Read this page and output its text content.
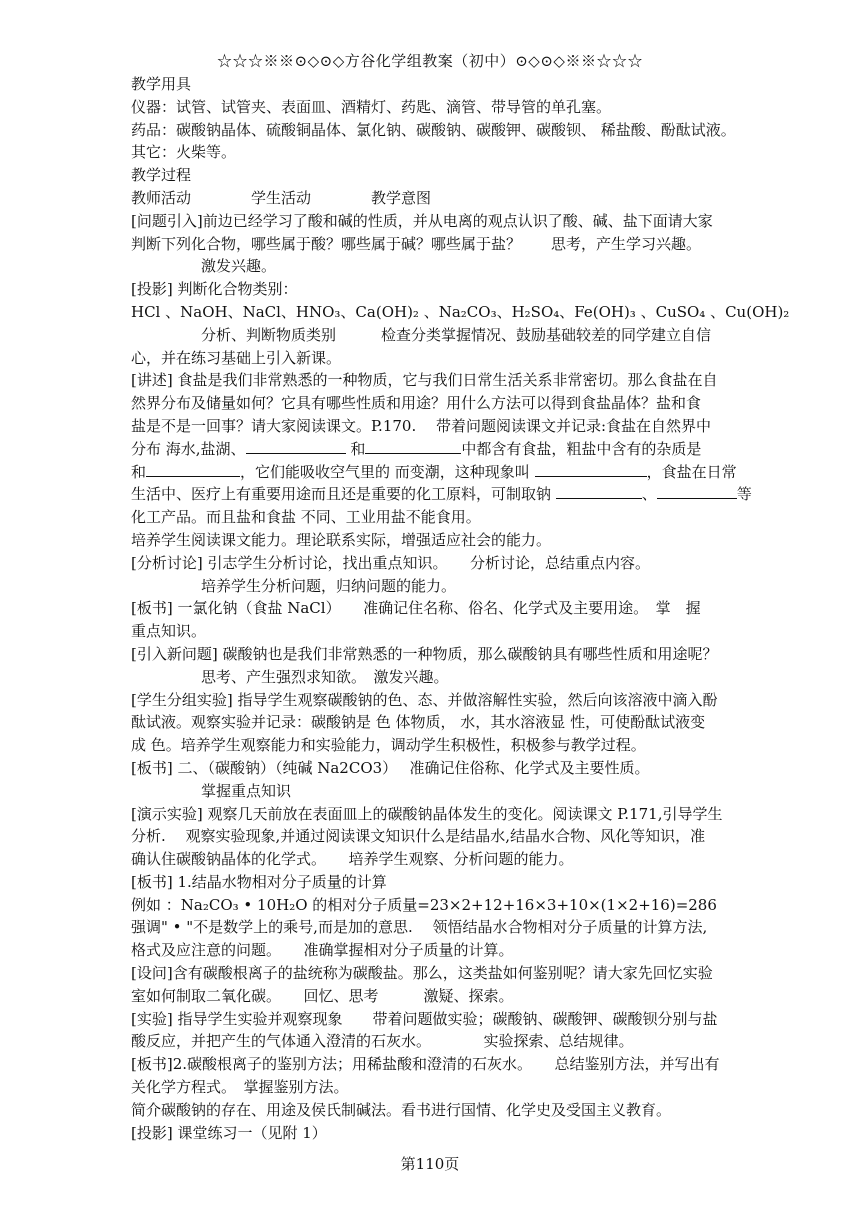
☆☆☆※※⊙◇⊙◇方谷化学组教案（初中）⊙◇⊙◇※※☆☆☆
教学用具
仪器：试管、试管夹、表面皿、酒精灯、药匙、滴管、带导管的单孔塞。
药品：碳酸钠晶体、硫酸铜晶体、氯化钠、碳酸钠、碳酸钾、碳酸钡、 稀盐酸、酚酞试液。
其它：火柴等。
教学过程
教师活动　　　　学生活动　　　　教学意图
[问题引入]前边已经学习了酸和碱的性质，并从电离的观点认识了酸、碱、盐下面请大家
判断下列化合物，哪些属于酸？哪些属于碱？哪些属于盐？　　思考，产生学习兴趣。
激发兴趣。
[投影] 判断化合物类别：
HCl 、NaOH、NaCl、HNO₃、Ca(OH)₂ 、Na₂CO₃、H₂SO₄、Fe(OH)₃ 、CuSO₄ 、Cu(OH)₂
分析、判断物质类别　　　检查分类掌握情况、鼓励基础较差的同学建立自信
心，并在练习基础上引入新课。
[讲述] 食盐是我们非常熟悉的一种物质，它与我们日常生活关系非常密切。那么食盐在自
然界分布及储量如何？它具有哪些性质和用途？用什么方法可以得到食盐晶体？盐和食
盐是不是一回事？请大家阅读课文。P.170.　 带着问题阅读课文并记录:食盐在自然界中
分布 海水,盐湖、	和	中都含有食盐，粗盐中含有的杂质是
和	，它们能吸收空气里的 而变潮，这种现象叫	，食盐在日常
生活中、医疗上有重要用途而且还是重要的化工原料，可制取钠	、	等
化工产品。而且盐和食盐 不同、工业用盐不能食用。
培养学生阅读课文能力。理论联系实际，增强适应社会的能力。
[分析讨论] 引志学生分析讨论，找出重点知识。　　分析讨论，总结重点内容。
培养学生分析问题，归纳问题的能力。
[板书] 一氯化钠（食盐 NaCl）　　准确记住名称、俗名、化学式及主要用途。　掌　握
重点知识。
[引入新问题] 碳酸钠也是我们非常熟悉的一种物质，那么碳酸钠具有哪些性质和用途呢？
思考、产生强烈求知欲。　激发兴趣。
[学生分组实验] 指导学生观察碳酸钠的色、态、并做溶解性实验，然后向该溶液中滴入酚
酞试液。观察实验并记录：碳酸钠是 色 体物质， 水，其水溶液显 性，可使酚酞试液变
成 色。培养学生观察能力和实验能力，调动学生积极性，积极参与教学过程。
[板书] 二、（碳酸钠）（纯碱 Na2CO3）　 准确记住俗称、化学式及主要性质。
掌握重点知识
[演示实验] 观察几天前放在表面皿上的碳酸钠晶体发生的变化。阅读课文 P.171,引导学生
分析.　 观察实验现象,并通过阅读课文知识什么是结晶水,结晶水合物、风化等知识，准
确认住碳酸钠晶体的化学式。　　培养学生观察、分析问题的能力。
[板书] 1.结晶水物相对分子质量的计算
例如 ：Na₂CO₃ • 10H₂O 的相对分子质量=23×2+12+16×3+10×(1×2+16)=286
强调" • "不是数学上的乘号,而是加的意思.　 领悟结晶水合物相对分子质量的计算方法,
格式及应注意的问题。　　准确掌握相对分子质量的计算。
[设问]含有碳酸根离子的盐统称为碳酸盐。那么，这类盐如何鉴别呢？请大家先回忆实验
室如何制取二氧化碳。　　回忆、思考　　　激疑、探索。
[实验] 指导学生实验并观察现象　　带着问题做实验；碳酸钠、碳酸钾、碳酸钡分别与盐
酸反应，并把产生的气体通入澄清的石灰水。　　　　实验探索、总结规律。
[板书]2.碳酸根离子的鉴别方法；用稀盐酸和澄清的石灰水。　　总结鉴别方法，并写出有
关化学方程式。　掌握鉴别方法。
简介碳酸钠的存在、用途及侯氏制碱法。看书进行国情、化学史及受国主义教育。
[投影] 课堂练习一（见附 1）
第110页
